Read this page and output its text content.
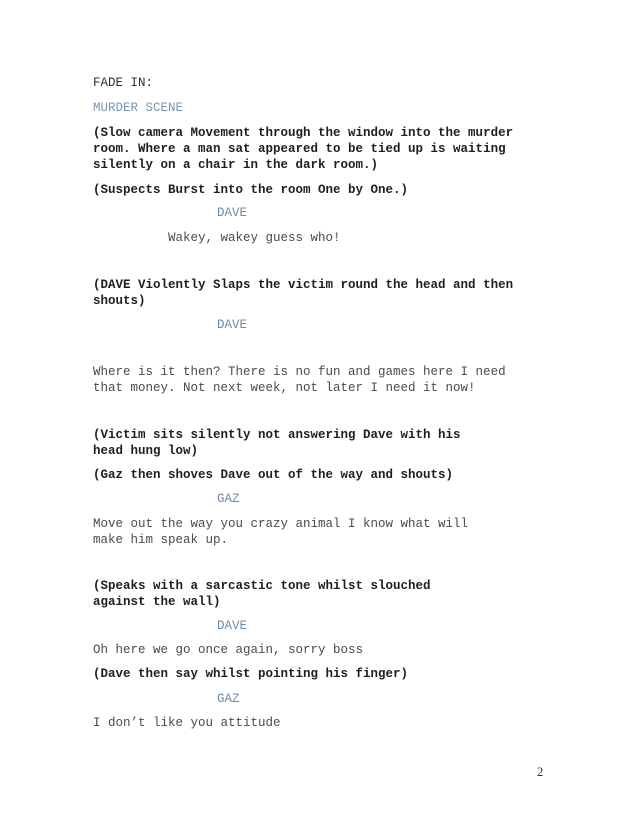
FADE IN:
MURDER SCENE
(Slow camera Movement through the window into the murder
room. Where a man sat appeared to be tied up is waiting
silently on a chair in the dark room.)
(Suspects Burst into the room One by One.)
DAVE
Wakey, wakey guess who!
(DAVE Violently Slaps the victim round the head and then
shouts)
DAVE
Where is it then? There is no fun and games here I need
that money. Not next week, not later I need it now!
(Victim sits silently not answering Dave with his
head hung low)
(Gaz then shoves Dave out of the way and shouts)
GAZ
Move out the way you crazy animal I know what will
make him speak up.
(Speaks with a sarcastic tone whilst slouched
against the wall)
DAVE
Oh here we go once again, sorry boss
(Dave then say whilst pointing his finger)
GAZ
I don’t like you attitude
2
